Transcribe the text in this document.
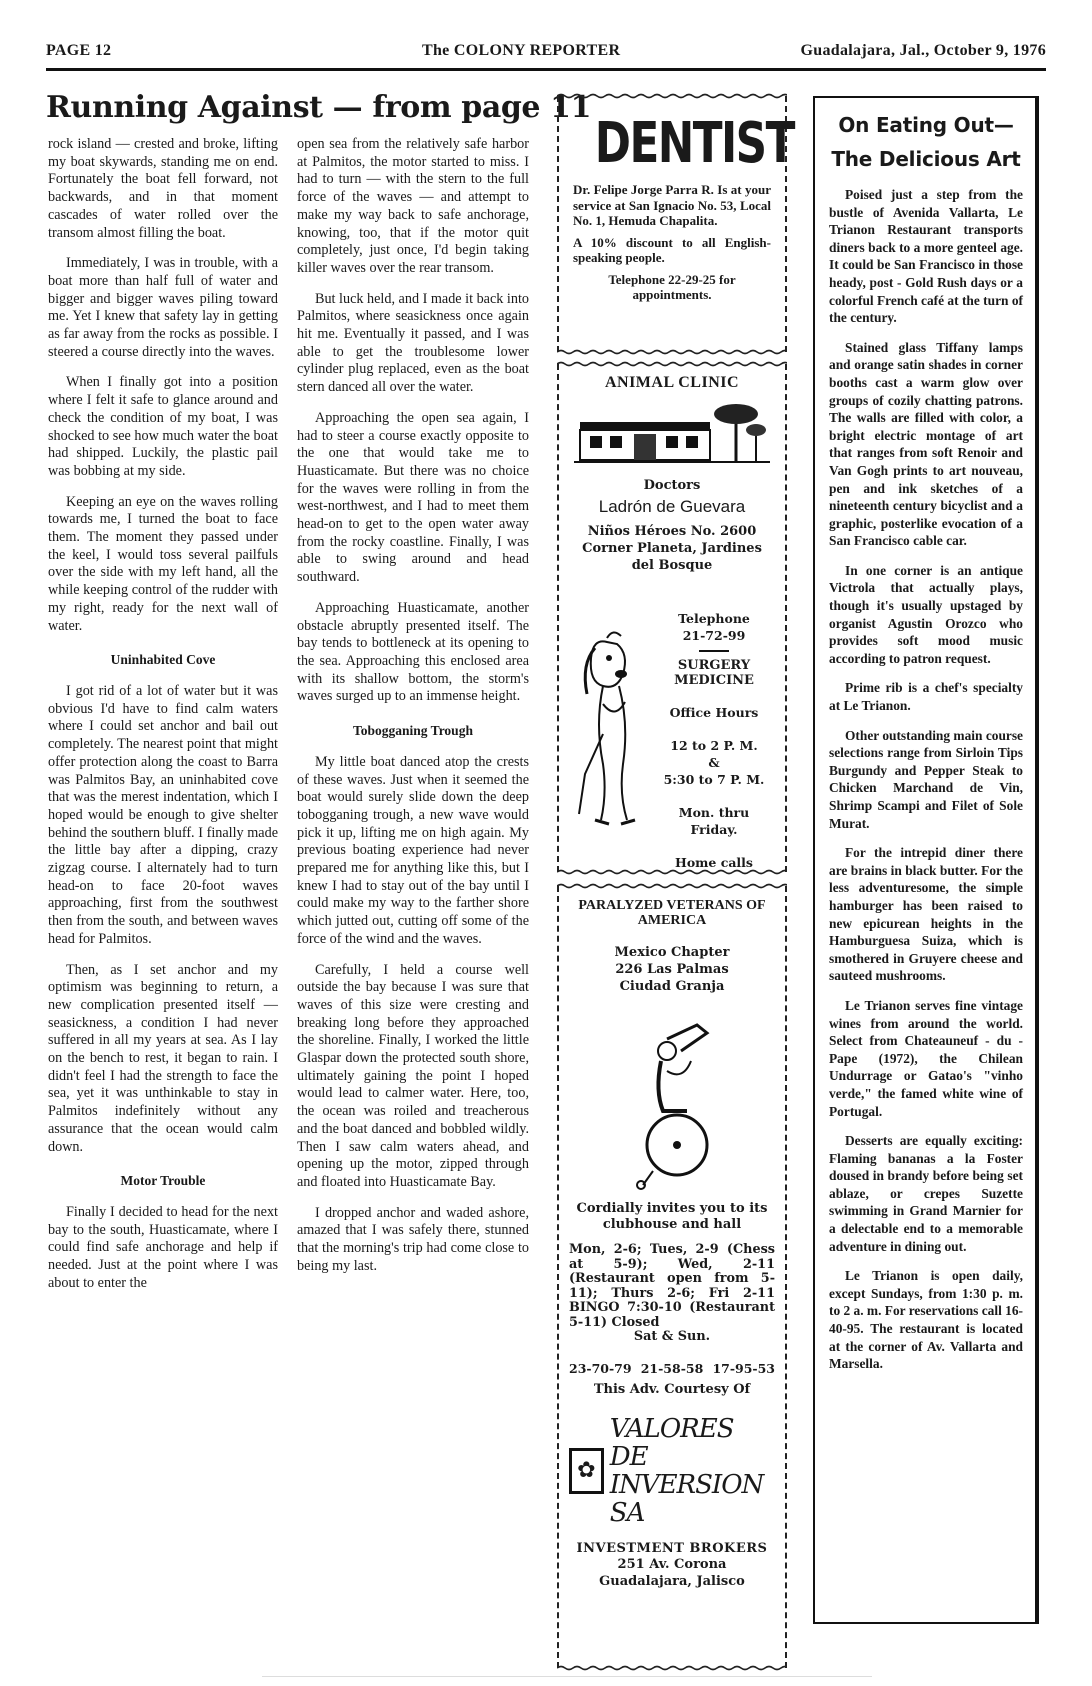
PAGE 12	The COLONY REPORTER	Guadalajara, Jal., October 9, 1976
Running Against — from page 11

rock island — crested and broke, lifting my boat skywards, standing me on end. Fortunately the boat fell forward, not backwards, and in that moment cascades of water rolled over the transom almost filling the boat.

Immediately, I was in trouble, with a boat more than half full of water and bigger and bigger waves piling toward me. Yet I knew that safety lay in getting as far away from the rocks as possible. I steered a course directly into the waves.

When I finally got into a position where I felt it safe to glance around and check the condition of my boat, I was shocked to see how much water the boat had shipped. Luckily, the plastic pail was bobbing at my side.

Keeping an eye on the waves rolling towards me, I turned the boat to face them. The moment they passed under the keel, I would toss several pailfuls over the side with my left hand, all the while keeping control of the rudder with my right, ready for the next wall of water.

Uninhabited Cove

I got rid of a lot of water but it was obvious I'd have to find calm waters where I could set anchor and bail out completely. The nearest point that might offer protection along the coast to Barra was Palmitos Bay, an uninhabited cove that was the merest indentation, which I hoped would be enough to give shelter behind the southern bluff. I finally made the little bay after a dipping, crazy zigzag course. I alternately had to turn head-on to face 20-foot waves approaching, first from the southwest then from the south, and between waves head for Palmitos.

Then, as I set anchor and my optimism was beginning to return, a new complication presented itself — seasickness, a condition I had never suffered in all my years at sea. As I lay on the bench to rest, it began to rain. I didn't feel I had the strength to face the sea, yet it was unthinkable to stay in Palmitos indefinitely without any assurance that the ocean would calm down.

Motor Trouble

Finally I decided to head for the next bay to the south, Huasticamate, where I could find safe anchorage and help if needed. Just at the point where I was about to enter the

open sea from the relatively safe harbor at Palmitos, the motor started to miss. I had to turn — with the stern to the full force of the waves — and attempt to make my way back to safe anchorage, knowing, too, that if the motor quit completely, just once, I'd begin taking killer waves over the rear transom.

But luck held, and I made it back into Palmitos, where seasickness once again hit me. Eventually it passed, and I was able to get the troublesome lower cylinder plug replaced, even as the boat stern danced all over the water.

Approaching the open sea again, I had to steer a course exactly opposite to the one that would take me to Huasticamate. But there was no choice for the waves were rolling in from the west-northwest, and I had to meet them head-on to get to the open water away from the rocky coastline. Finally, I was able to swing around and head southward.

Approaching Huasticamate, another obstacle abruptly presented itself. The bay tends to bottleneck at its opening to the sea. Approaching this enclosed area with its shallow bottom, the storm's waves surged up to an immense height.

Tobogganing Trough

My little boat danced atop the crests of these waves. Just when it seemed the boat would surely slide down the deep tobogganing trough, a new wave would pick it up, lifting me on high again. My previous boating experience had never prepared me for anything like this, but I knew I had to stay out of the bay until I could make my way to the farther shore which jutted out, cutting off some of the force of the wind and the waves.

Carefully, I held a course well outside the bay because I was sure that waves of this size were cresting and breaking long before they approached the shoreline. Finally, I worked the little Glaspar down the protected south shore, ultimately gaining the point I hoped would lead to calmer water. Here, too, the ocean was roiled and treacherous and the boat danced and bobbled wildly. Then I saw calm waters ahead, and opening up the motor, zipped through and floated into Huasticamate Bay.

I dropped anchor and waded ashore, amazed that I was safely there, stunned that the morning's trip had come close to being my last.

DENTIST
Dr. Felipe Jorge Parra R. Is at your service at San Ignacio No. 53, Local No. 1, Hemuda Chapalita.
A 10% discount to all English-speaking people.
Telephone 22-29-25 for appointments.
ANIMAL CLINIC
Doctors
Ladrón de Guevara
Niños Héroes No. 2600
Corner Planeta, Jardines del Bosque
Telephone
21-72-99
SURGERY MEDICINE
Office Hours
12 to 2 P. M.
&
5:30 to 7 P. M.
Mon. thru Friday.
Home calls
PARALYZED VETERANS OF AMERICA
Mexico Chapter
226 Las Palmas
Ciudad Granja
Cordially invites you to its clubhouse and hall
Mon, 2-6; Tues, 2-9 (Chess at 5-9); Wed, 2-11 (Restaurant open from 5-11); Thurs 2-6; Fri 2-11 BINGO 7:30-10 (Restaurant 5-11) Closed
Sat & Sun.
23-70-79 21-58-58 17-95-53
This Adv. Courtesy Of
✿
VALORES DE
INVERSION SA
INVESTMENT BROKERS
251 Av. Corona
Guadalajara, Jalisco
On Eating Out—
The Delicious Art

Poised just a step from the bustle of Avenida Vallarta, Le Trianon Restaurant transports diners back to a more genteel age. It could be San Francisco in those heady, post - Gold Rush days or a colorful French café at the turn of the century.

Stained glass Tiffany lamps and orange satin shades in corner booths cast a warm glow over groups of cozily chatting patrons. The walls are filled with color, a bright electric montage of art that ranges from soft Renoir and Van Gogh prints to art nouveau, pen and ink sketches of a nineteenth century bicyclist and a graphic, posterlike evocation of a San Francisco cable car.

In one corner is an antique Victrola that actually plays, though it's usually upstaged by organist Agustin Orozco who provides soft mood music according to patron request.

Prime rib is a chef's specialty at Le Trianon.

Other outstanding main course selections range from Sirloin Tips Burgundy and Pepper Steak to Chicken Marchand de Vin, Shrimp Scampi and Filet of Sole Murat.

For the intrepid diner there are brains in black butter. For the less adventuresome, the simple hamburger has been raised to new epicurean heights in the Hamburguesa Suiza, which is smothered in Gruyere cheese and sauteed mushrooms.

Le Trianon serves fine vintage wines from around the world. Select from Chateauneuf - du - Pape (1972), the Chilean Undurrage or Gatao's "vinho verde," the famed white wine of Portugal.

Desserts are equally exciting: Flaming bananas a la Foster doused in brandy before being set ablaze, or crepes Suzette swimming in Grand Marnier for a delectable end to a memorable adventure in dining out.

Le Trianon is open daily, except Sundays, from 1:30 p. m. to 2 a. m. For reservations call 16-40-95. The restaurant is located at the corner of Av. Vallarta and Marsella.
